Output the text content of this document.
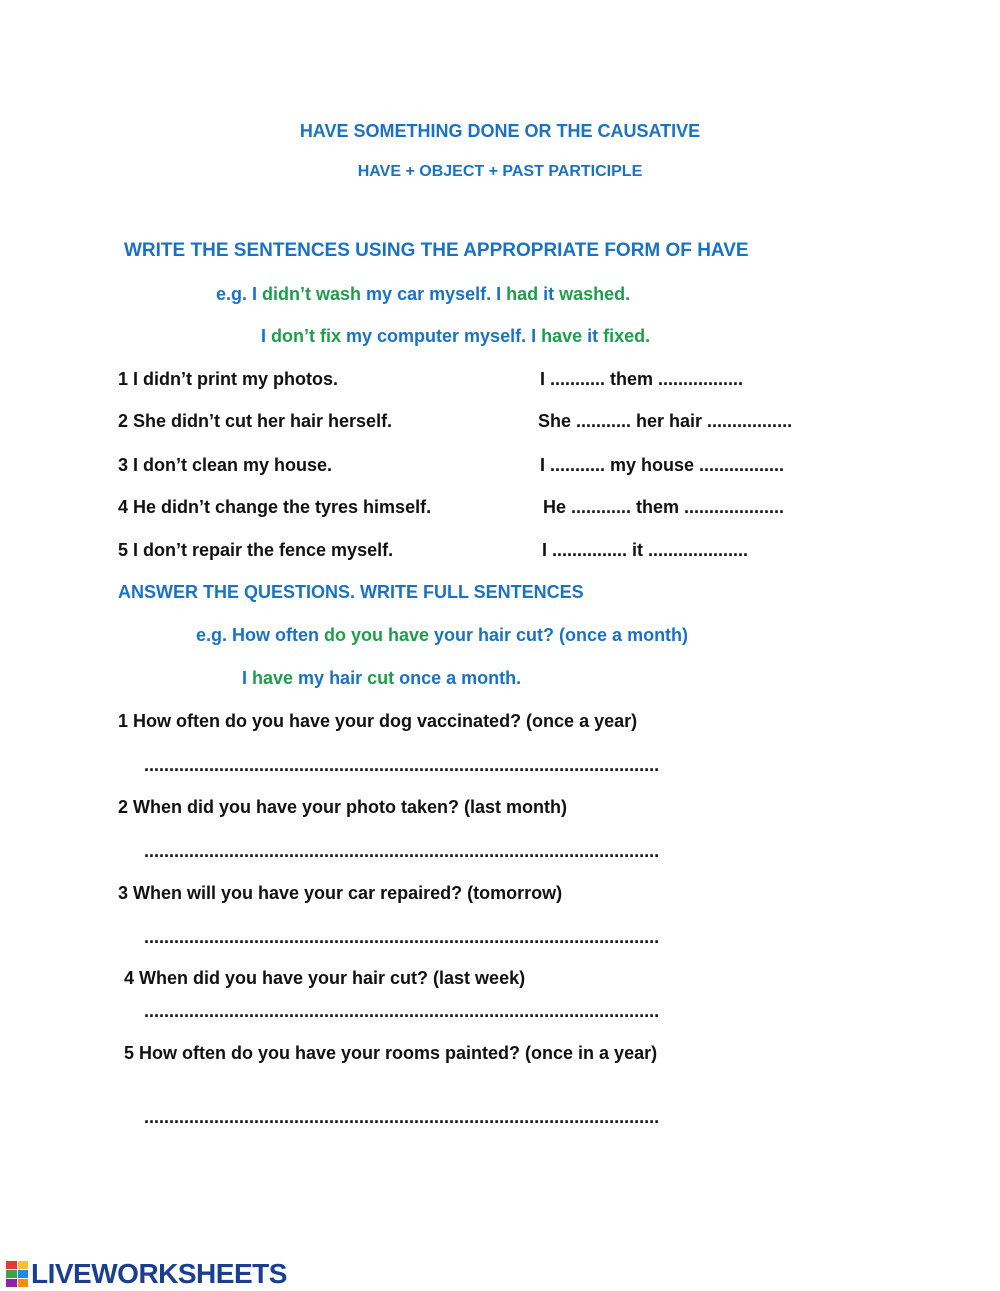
HAVE SOMETHING DONE OR THE CAUSATIVE
HAVE + OBJECT + PAST PARTICIPLE
WRITE THE SENTENCES USING THE APPROPRIATE FORM OF HAVE
e.g. I didn’t wash my car myself. I had it washed.
I don’t fix my computer myself. I have it fixed.
1 I didn’t print my photos.	I ........... them .................
2 She didn’t cut her hair herself.	She ........... her hair .................
3 I don’t clean my house.	I ........... my house .................
4 He didn’t change the tyres himself.	He ............ them ....................
5 I don’t repair the fence myself.	I ............... it ....................
ANSWER THE QUESTIONS. WRITE FULL SENTENCES
e.g. How often do you have your hair cut? (once a month)
I have my hair cut once a month.
1 How often do you have your dog vaccinated? (once a year)
.......................................................................................................
2 When did you have your photo taken? (last month)
.......................................................................................................
3 When will you have your car repaired? (tomorrow)
.......................................................................................................
4 When did you have your hair cut? (last week)
.......................................................................................................
5 How often do you have your rooms painted? (once in a year)
.......................................................................................................
LIVEWORKSHEETS
